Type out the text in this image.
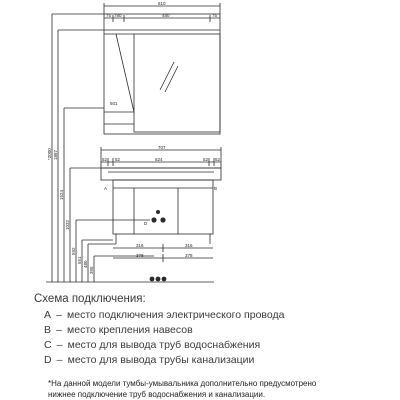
810
75 780	480	75
501
707
52 52	624	52 52
316	316
378	378
A	B
D
*2000 1887
1524
1032
592
551
480
395
Схема подключения:
A – место подключения электрического провода
B – место крепления навесов
C – место для вывода труб водоснабжения
D – место для вывода трубы канализации
*На данной модели тумбы-умывальника дополнительно предусмотрено
нижнее подключение труб водоснабжения и канализации.
